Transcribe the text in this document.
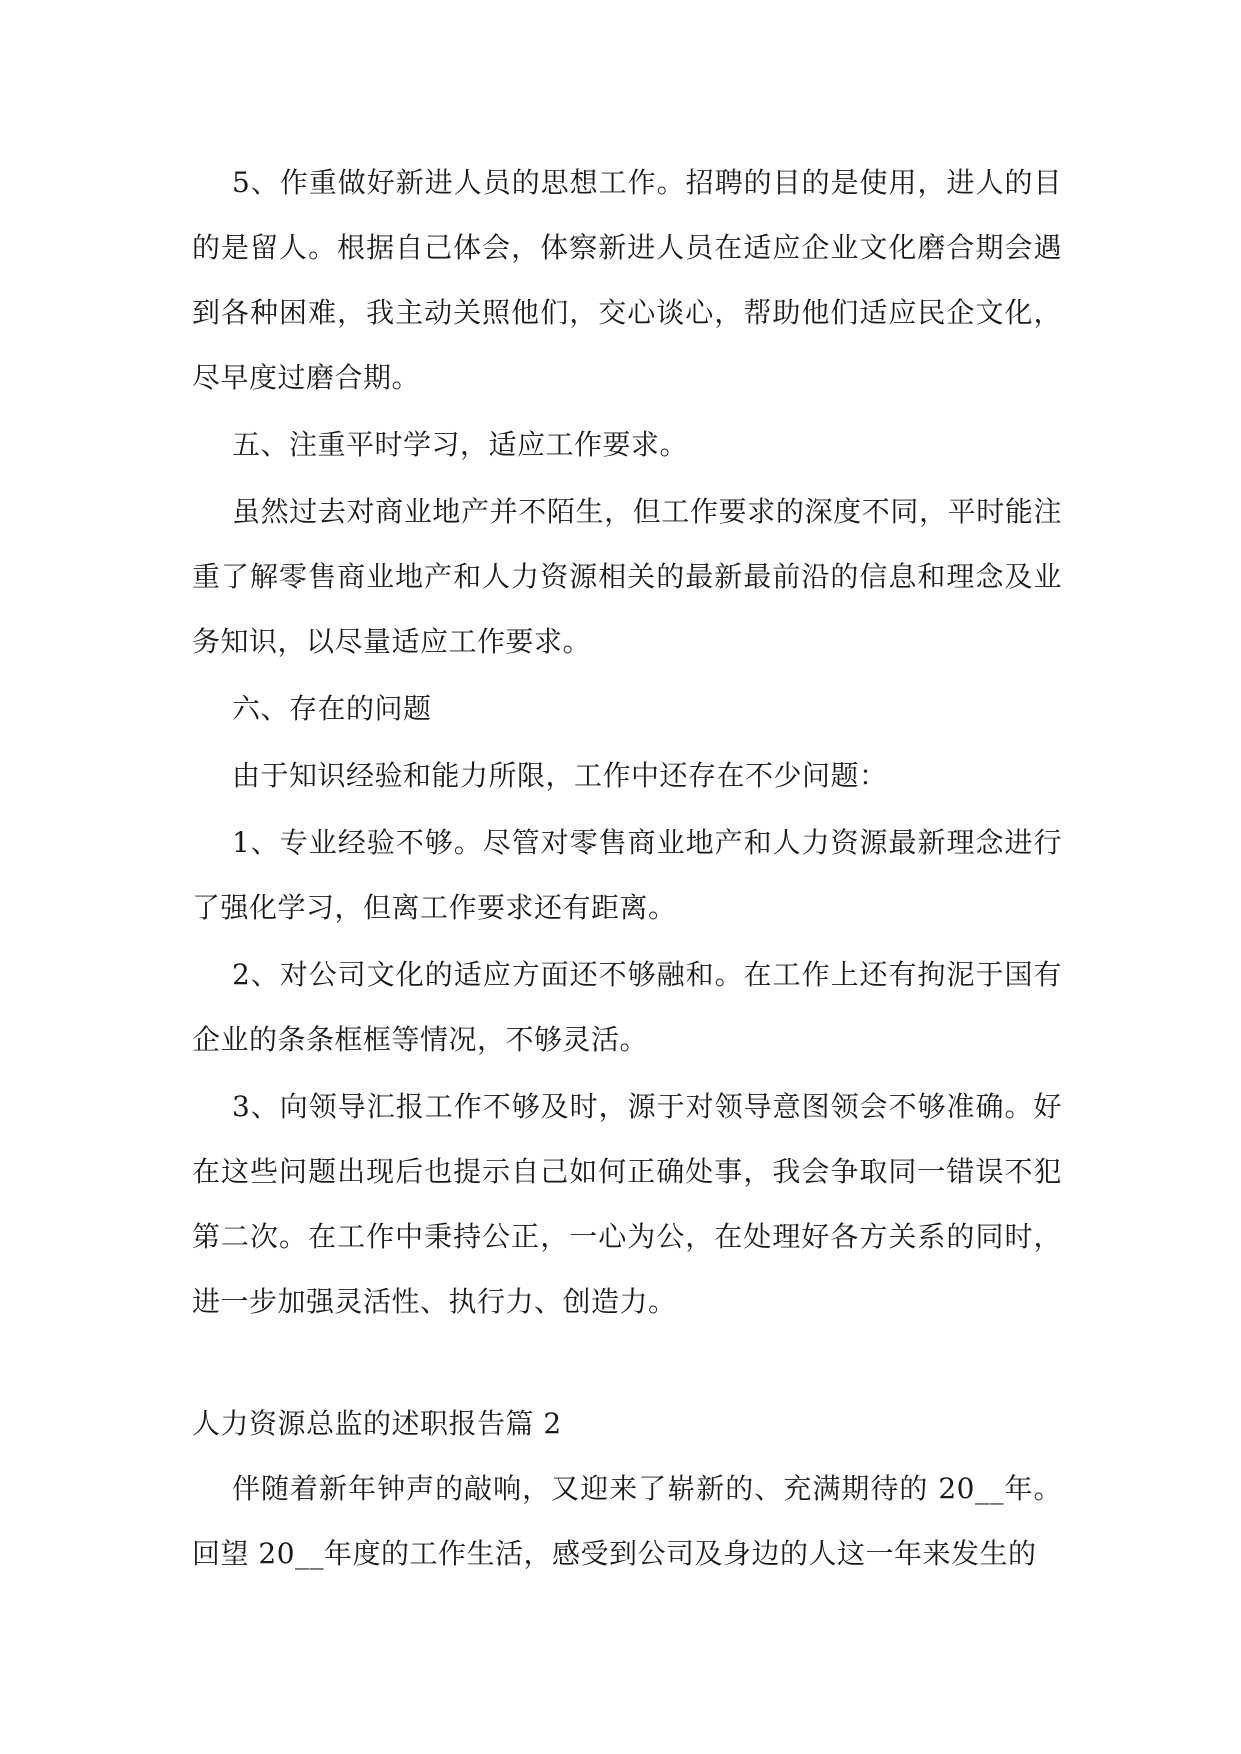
5、作重做好新进人员的思想工作。招聘的目的是使用，进人的目的是留人。根据自己体会，体察新进人员在适应企业文化磨合期会遇到各种困难，我主动关照他们，交心谈心，帮助他们适应民企文化，尽早度过磨合期。

五、注重平时学习，适应工作要求。

虽然过去对商业地产并不陌生，但工作要求的深度不同，平时能注重了解零售商业地产和人力资源相关的最新最前沿的信息和理念及业务知识，以尽量适应工作要求。

六、存在的问题

由于知识经验和能力所限，工作中还存在不少问题：

1、专业经验不够。尽管对零售商业地产和人力资源最新理念进行了强化学习，但离工作要求还有距离。

2、对公司文化的适应方面还不够融和。在工作上还有拘泥于国有企业的条条框框等情况，不够灵活。

3、向领导汇报工作不够及时，源于对领导意图领会不够准确。好在这些问题出现后也提示自己如何正确处事，我会争取同一错误不犯第二次。在工作中秉持公正，一心为公，在处理好各方关系的同时，进一步加强灵活性、执行力、创造力。

人力资源总监的述职报告篇 2

伴随着新年钟声的敲响，又迎来了崭新的、充满期待的 20__年。回望 20__年度的工作生活，感受到公司及身边的人这一年来发生的
